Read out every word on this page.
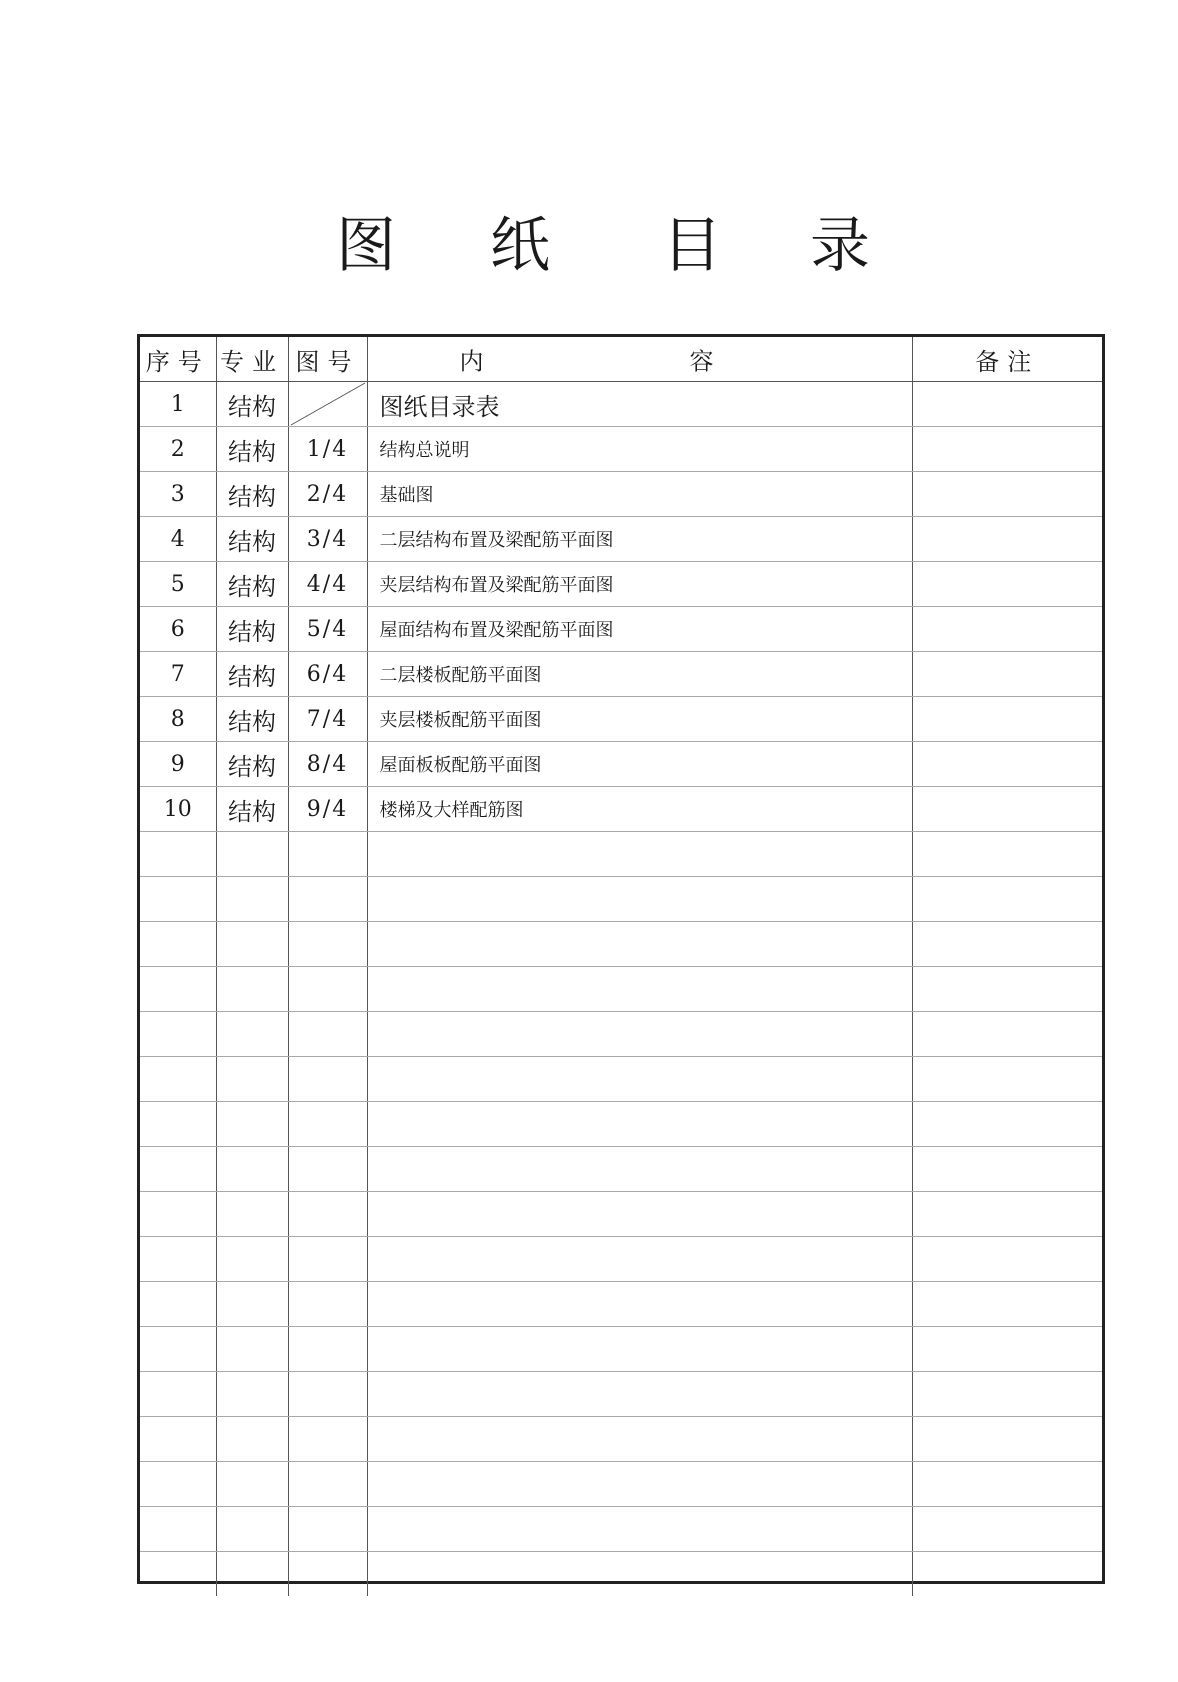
图 纸 目 录
序号	专业	图号	内 容	备注
1	结构		图纸目录表	
2	结构	1/4	结构总说明	
3	结构	2/4	基础图	
4	结构	3/4	二层结构布置及梁配筋平面图	
5	结构	4/4	夹层结构布置及梁配筋平面图	
6	结构	5/4	屋面结构布置及梁配筋平面图	
7	结构	6/4	二层楼板配筋平面图	
8	结构	7/4	夹层楼板配筋平面图	
9	结构	8/4	屋面板板配筋平面图	
10	结构	9/4	楼梯及大样配筋图	
